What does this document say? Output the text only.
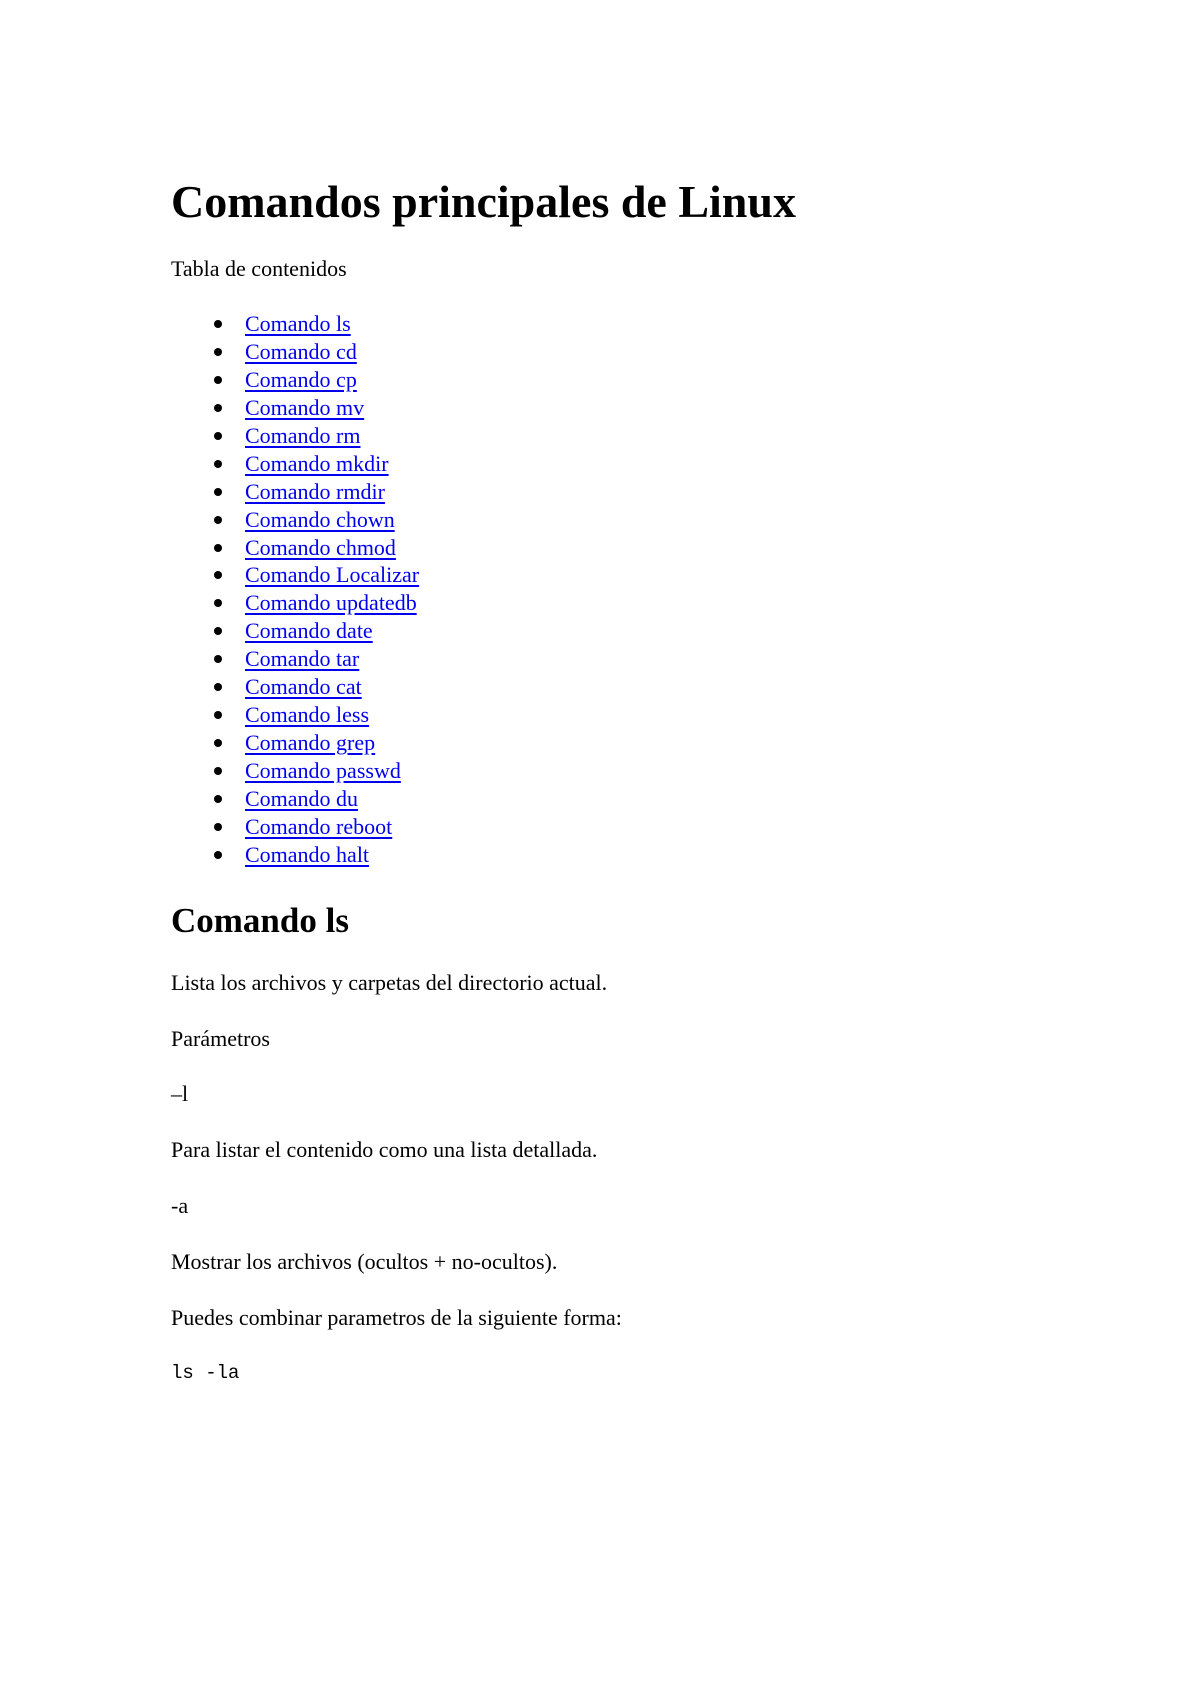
Comandos principales de Linux

Tabla de contenidos

Comando ls
Comando cd
Comando cp
Comando mv
Comando rm
Comando mkdir
Comando rmdir
Comando chown
Comando chmod
Comando Localizar
Comando updatedb
Comando date
Comando tar
Comando cat
Comando less
Comando grep
Comando passwd
Comando du
Comando reboot
Comando halt
Comando ls

Lista los archivos y carpetas del directorio actual.

Parámetros

–l

Para listar el contenido como una lista detallada.

-a

Mostrar los archivos (ocultos + no-ocultos).

Puedes combinar parametros de la siguiente forma:

ls -la
